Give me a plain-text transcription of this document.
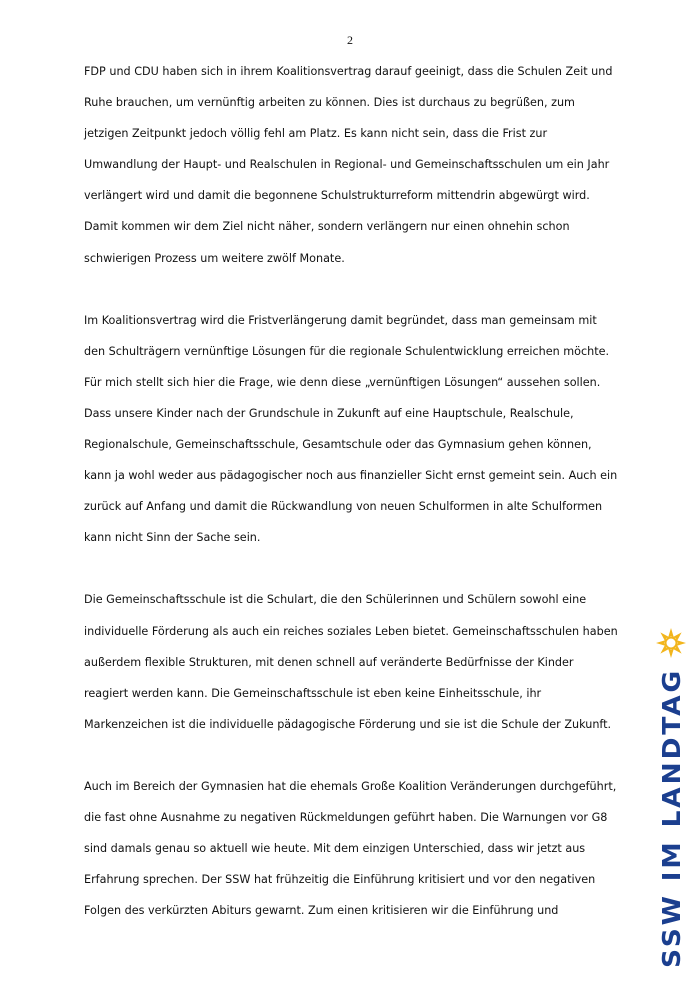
2

FDP und CDU haben sich in ihrem Koalitionsvertrag darauf geeinigt, dass die Schulen Zeit und
Ruhe brauchen, um vernünftig arbeiten zu können. Dies ist durchaus zu begrüßen, zum
jetzigen Zeitpunkt jedoch völlig fehl am Platz. Es kann nicht sein, dass die Frist zur
Umwandlung der Haupt- und Realschulen in Regional- und Gemeinschaftsschulen um ein Jahr
verlängert wird und damit die begonnene Schulstrukturreform mittendrin abgewürgt wird.
Damit kommen wir dem Ziel nicht näher, sondern verlängern nur einen ohnehin schon
schwierigen Prozess um weitere zwölf Monate.

Im Koalitionsvertrag wird die Fristverlängerung damit begründet, dass man gemeinsam mit
den Schulträgern vernünftige Lösungen für die regionale Schulentwicklung erreichen möchte.
Für mich stellt sich hier die Frage, wie denn diese „vernünftigen Lösungen“ aussehen sollen.
Dass unsere Kinder nach der Grundschule in Zukunft auf eine Hauptschule, Realschule,
Regionalschule, Gemeinschaftsschule, Gesamtschule oder das Gymnasium gehen können,
kann ja wohl weder aus pädagogischer noch aus finanzieller Sicht ernst gemeint sein. Auch ein
zurück auf Anfang und damit die Rückwandlung von neuen Schulformen in alte Schulformen
kann nicht Sinn der Sache sein.

Die Gemeinschaftsschule ist die Schulart, die den Schülerinnen und Schülern sowohl eine
individuelle Förderung als auch ein reiches soziales Leben bietet. Gemeinschaftsschulen haben
außerdem flexible Strukturen, mit denen schnell auf veränderte Bedürfnisse der Kinder
reagiert werden kann. Die Gemeinschaftsschule ist eben keine Einheitsschule, ihr
Markenzeichen ist die individuelle pädagogische Förderung und sie ist die Schule der Zukunft.

Auch im Bereich der Gymnasien hat die ehemals Große Koalition Veränderungen durchgeführt,
die fast ohne Ausnahme zu negativen Rückmeldungen geführt haben. Die Warnungen vor G8
sind damals genau so aktuell wie heute. Mit dem einzigen Unterschied, dass wir jetzt aus
Erfahrung sprechen. Der SSW hat frühzeitig die Einführung kritisiert und vor den negativen
Folgen des verkürzten Abiturs gewarnt. Zum einen kritisieren wir die Einführung und	SSW IM LANDTAG
